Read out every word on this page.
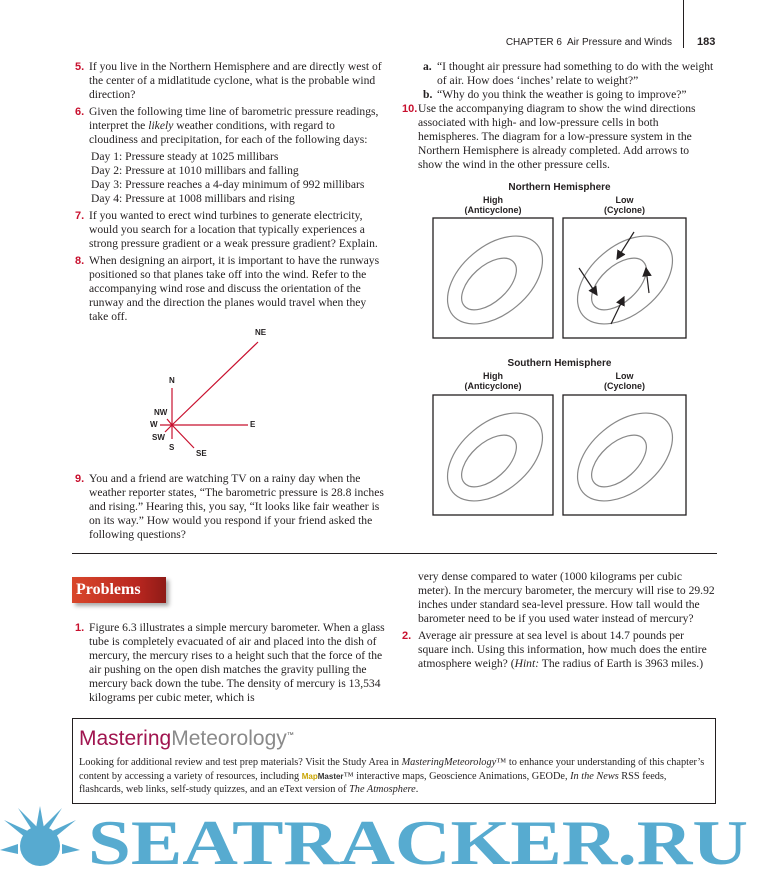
CHAPTER 6 Air Pressure and Winds 183
5. If you live in the Northern Hemisphere and are directly west of the center of a midlatitude cyclone, what is the probable wind direction?
6. Given the following time line of barometric pressure readings, interpret the likely weather conditions, with regard to cloudiness and precipitation, for each of the following days:
Day 1: Pressure steady at 1025 millibars
Day 2: Pressure at 1010 millibars and falling
Day 3: Pressure reaches a 4-day minimum of 992 millibars
Day 4: Pressure at 1008 millibars and rising
7. If you wanted to erect wind turbines to generate electricity, would you search for a location that typically experiences a strong pressure gradient or a weak pressure gradient? Explain.
8. When designing an airport, it is important to have the runways positioned so that planes take off into the wind. Refer to the accompanying wind rose and discuss the orientation of the runway and the direction the planes would travel when they take off.
NE
N
NW
W	E
SW
S
SE
9. You and a friend are watching TV on a rainy day when the weather reporter states, “The barometric pressure is 28.8 inches and rising.” Hearing this, you say, “It looks like fair weather is on its way.” How would you respond if your friend asked the following questions?
a. “I thought air pressure had something to do with the weight of air. How does ‘inches’ relate to weight?”
b. “Why do you think the weather is going to improve?”
10. Use the accompanying diagram to show the wind directions associated with high- and low-pressure cells in both hemispheres. The diagram for a low-pressure system in the Northern Hemisphere is already completed. Add arrows to show the wind in the other pressure cells.
Northern Hemisphere
High
(Anticyclone)
Low
(Cyclone)
Southern Hemisphere
High
(Anticyclone)
Low
(Cyclone)
Problems
1. Figure 6.3 illustrates a simple mercury barometer. When a glass tube is completely evacuated of air and placed into the dish of mercury, the mercury rises to a height such that the force of the air pushing on the open dish matches the gravity pulling the mercury back down the tube. The density of mercury is 13,534 kilograms per cubic meter, which is
very dense compared to water (1000 kilograms per cubic meter). In the mercury barometer, the mercury will rise to 29.92 inches under standard sea-level pressure. How tall would the barometer need to be if you used water instead of mercury?
2. Average air pressure at sea level is about 14.7 pounds per square inch. Using this information, how much does the entire atmosphere weigh? (Hint: The radius of Earth is 3963 miles.)
MasteringMeteorology™
Looking for additional review and test prep materials? Visit the Study Area in MasteringMeteorology™ to enhance your understanding of this chapter’s content by accessing a variety of resources, including MapMaster™ interactive maps, Geoscience Animations, GEODe, In the News RSS feeds, flashcards, web links, self-study quizzes, and an eText version of The Atmosphere.
SEATRACKER.RU
